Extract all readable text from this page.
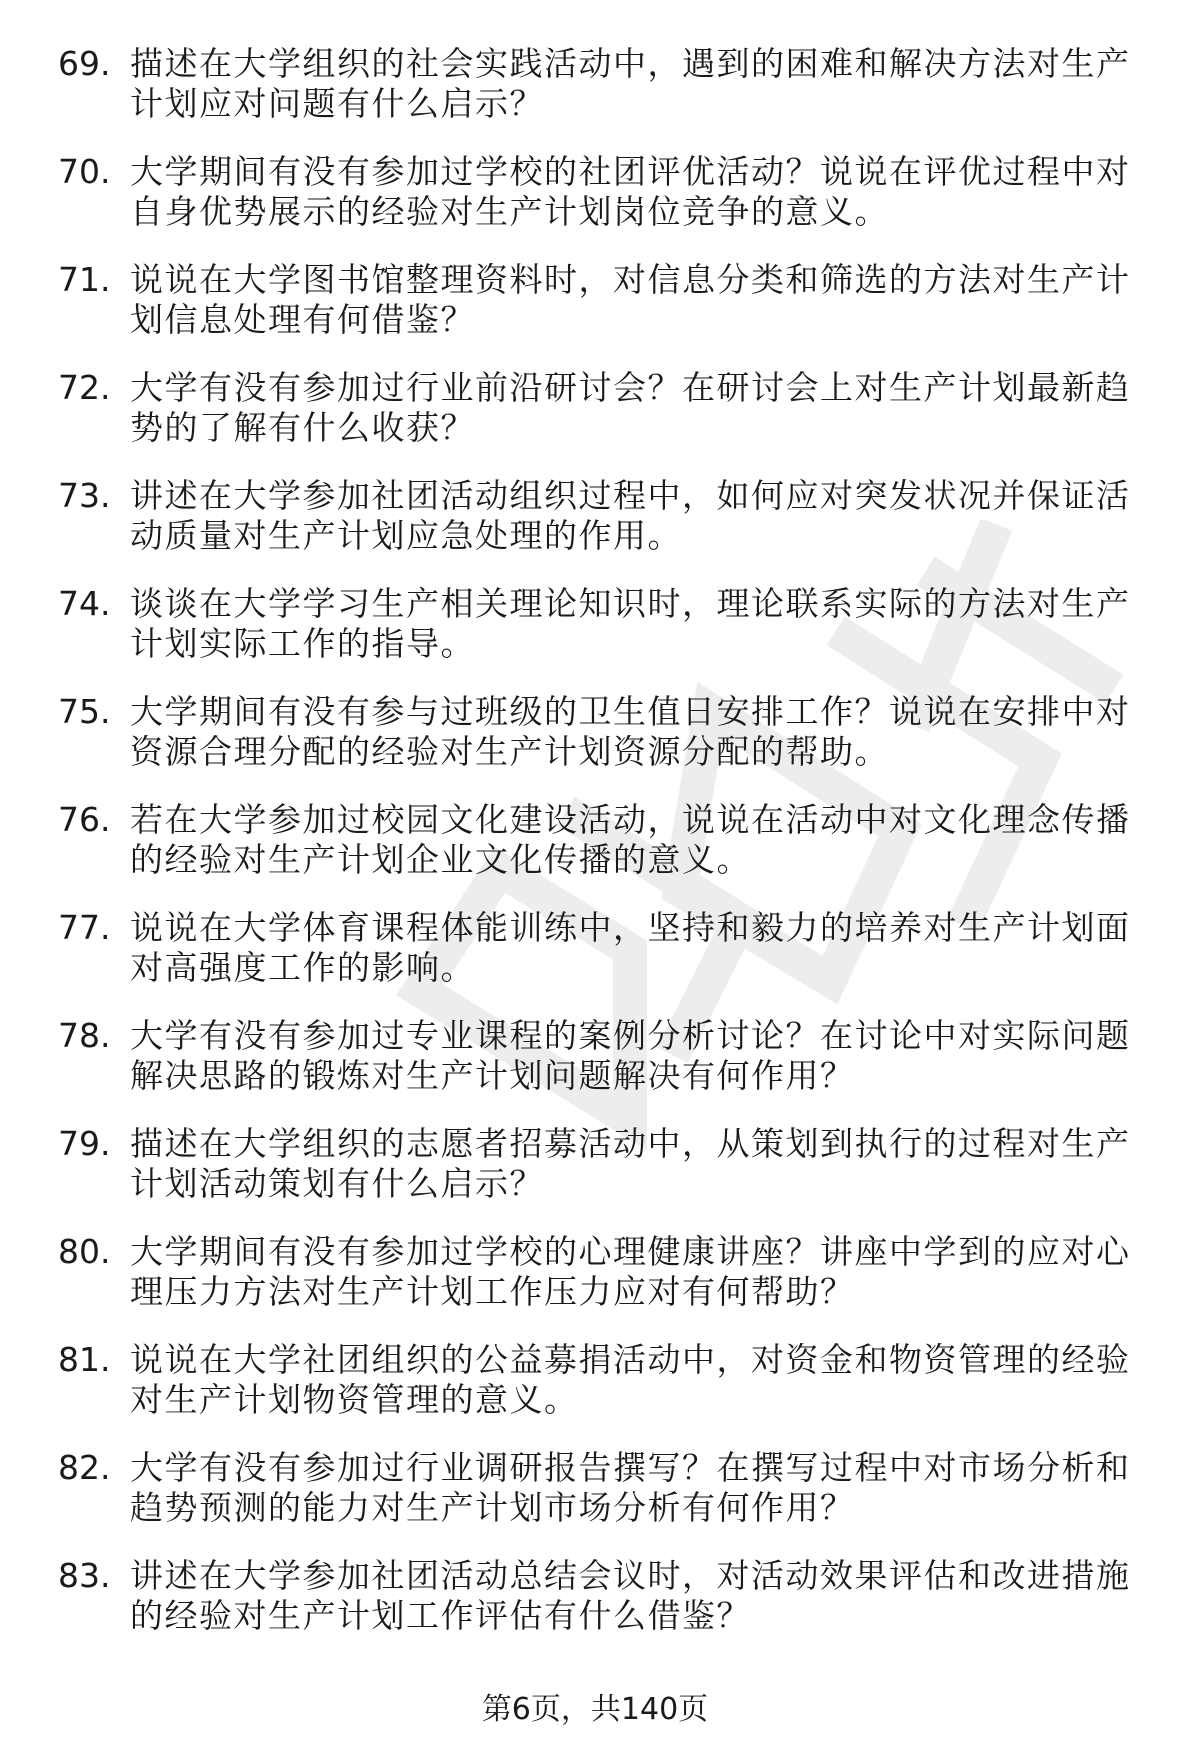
69. 描述在大学组织的社会实践活动中，遇到的困难和解决方法对生产计划应对问题有什么启示？
70. 大学期间有没有参加过学校的社团评优活动？说说在评优过程中对自身优势展示的经验对生产计划岗位竞争的意义。
71. 说说在大学图书馆整理资料时，对信息分类和筛选的方法对生产计划信息处理有何借鉴？
72. 大学有没有参加过行业前沿研讨会？在研讨会上对生产计划最新趋势的了解有什么收获？
73. 讲述在大学参加社团活动组织过程中，如何应对突发状况并保证活动质量对生产计划应急处理的作用。
74. 谈谈在大学学习生产相关理论知识时，理论联系实际的方法对生产计划实际工作的指导。
75. 大学期间有没有参与过班级的卫生值日安排工作？说说在安排中对资源合理分配的经验对生产计划资源分配的帮助。
76. 若在大学参加过校园文化建设活动，说说在活动中对文化理念传播的经验对生产计划企业文化传播的意义。
77. 说说在大学体育课程体能训练中，坚持和毅力的培养对生产计划面对高强度工作的影响。
78. 大学有没有参加过专业课程的案例分析讨论？在讨论中对实际问题解决思路的锻炼对生产计划问题解决有何作用？
79. 描述在大学组织的志愿者招募活动中，从策划到执行的过程对生产计划活动策划有什么启示？
80. 大学期间有没有参加过学校的心理健康讲座？讲座中学到的应对心理压力方法对生产计划工作压力应对有何帮助？
81. 说说在大学社团组织的公益募捐活动中，对资金和物资管理的经验对生产计划物资管理的意义。
82. 大学有没有参加过行业调研报告撰写？在撰写过程中对市场分析和趋势预测的能力对生产计划市场分析有何作用？
83. 讲述在大学参加社团活动总结会议时，对活动效果评估和改进措施的经验对生产计划工作评估有什么借鉴？
第6页，共140页
